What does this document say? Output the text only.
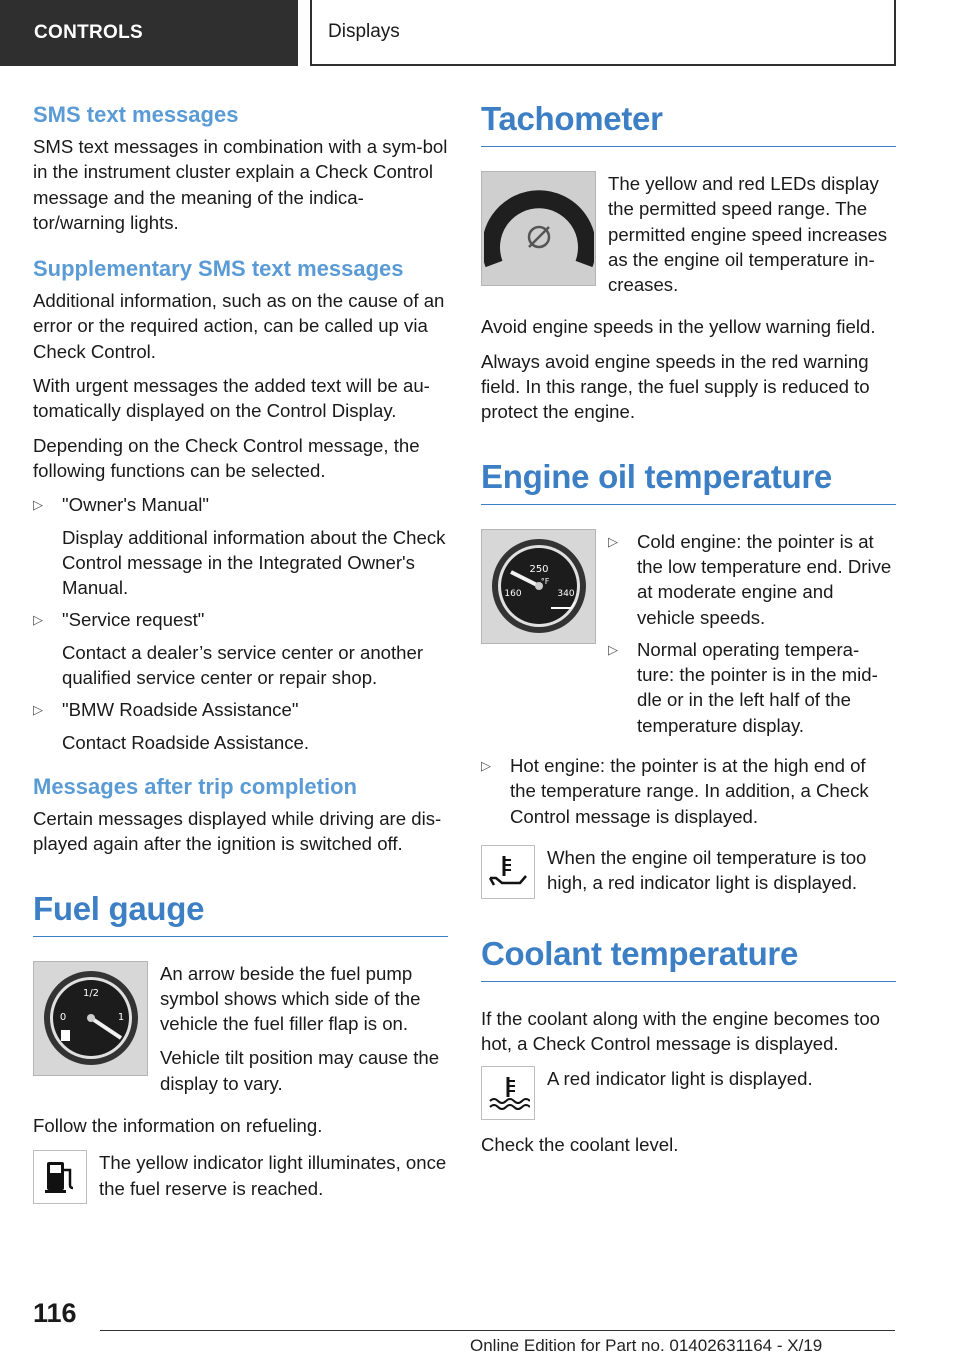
CONTROLS	Displays
SMS text messages

SMS text messages in combination with a sym-bol in the instrument cluster explain a Check Control message and the meaning of the indica-tor/warning lights.

Supplementary SMS text messages

Additional information, such as on the cause of an error or the required action, can be called up via Check Control.

With urgent messages the added text will be au-tomatically displayed on the Control Display.

Depending on the Check Control message, the following functions can be selected.

▷ "Owner's Manual"
Display additional information about the Check Control message in the Integrated Owner's Manual.
▷ "Service request"
Contact a dealer’s service center or another qualified service center or repair shop.
▷ "BMW Roadside Assistance"
Contact Roadside Assistance.
Messages after trip completion

Certain messages displayed while driving are dis-played again after the ignition is switched off.

Fuel gauge
1/2
0	1

An arrow beside the fuel pump symbol shows which side of the vehicle the fuel filler flap is on.

Vehicle tilt position may cause the display to vary.

Follow the information on refueling.

The yellow indicator light illuminates, once the fuel reserve is reached.

Tachometer

The yellow and red LEDs display the permitted speed range. The permitted engine speed increases as the engine oil temperature in-creases.

Avoid engine speeds in the yellow warning field.

Always avoid engine speeds in the red warning field. In this range, the fuel supply is reduced to protect the engine.

Engine oil temperature
250
°F
160	340
▷ Cold engine: the pointer is at the low temperature end. Drive at moderate engine and vehicle speeds.
▷ Normal operating tempera-ture: the pointer is in the mid-dle or in the left half of the temperature display.
▷ Hot engine: the pointer is at the high end of the temperature range. In addition, a Check Control message is displayed.

When the engine oil temperature is too high, a red indicator light is displayed.

Coolant temperature

If the coolant along with the engine becomes too hot, a Check Control message is displayed.

A red indicator light is displayed.

Check the coolant level.

116
Online Edition for Part no. 01402631164 - X/19
